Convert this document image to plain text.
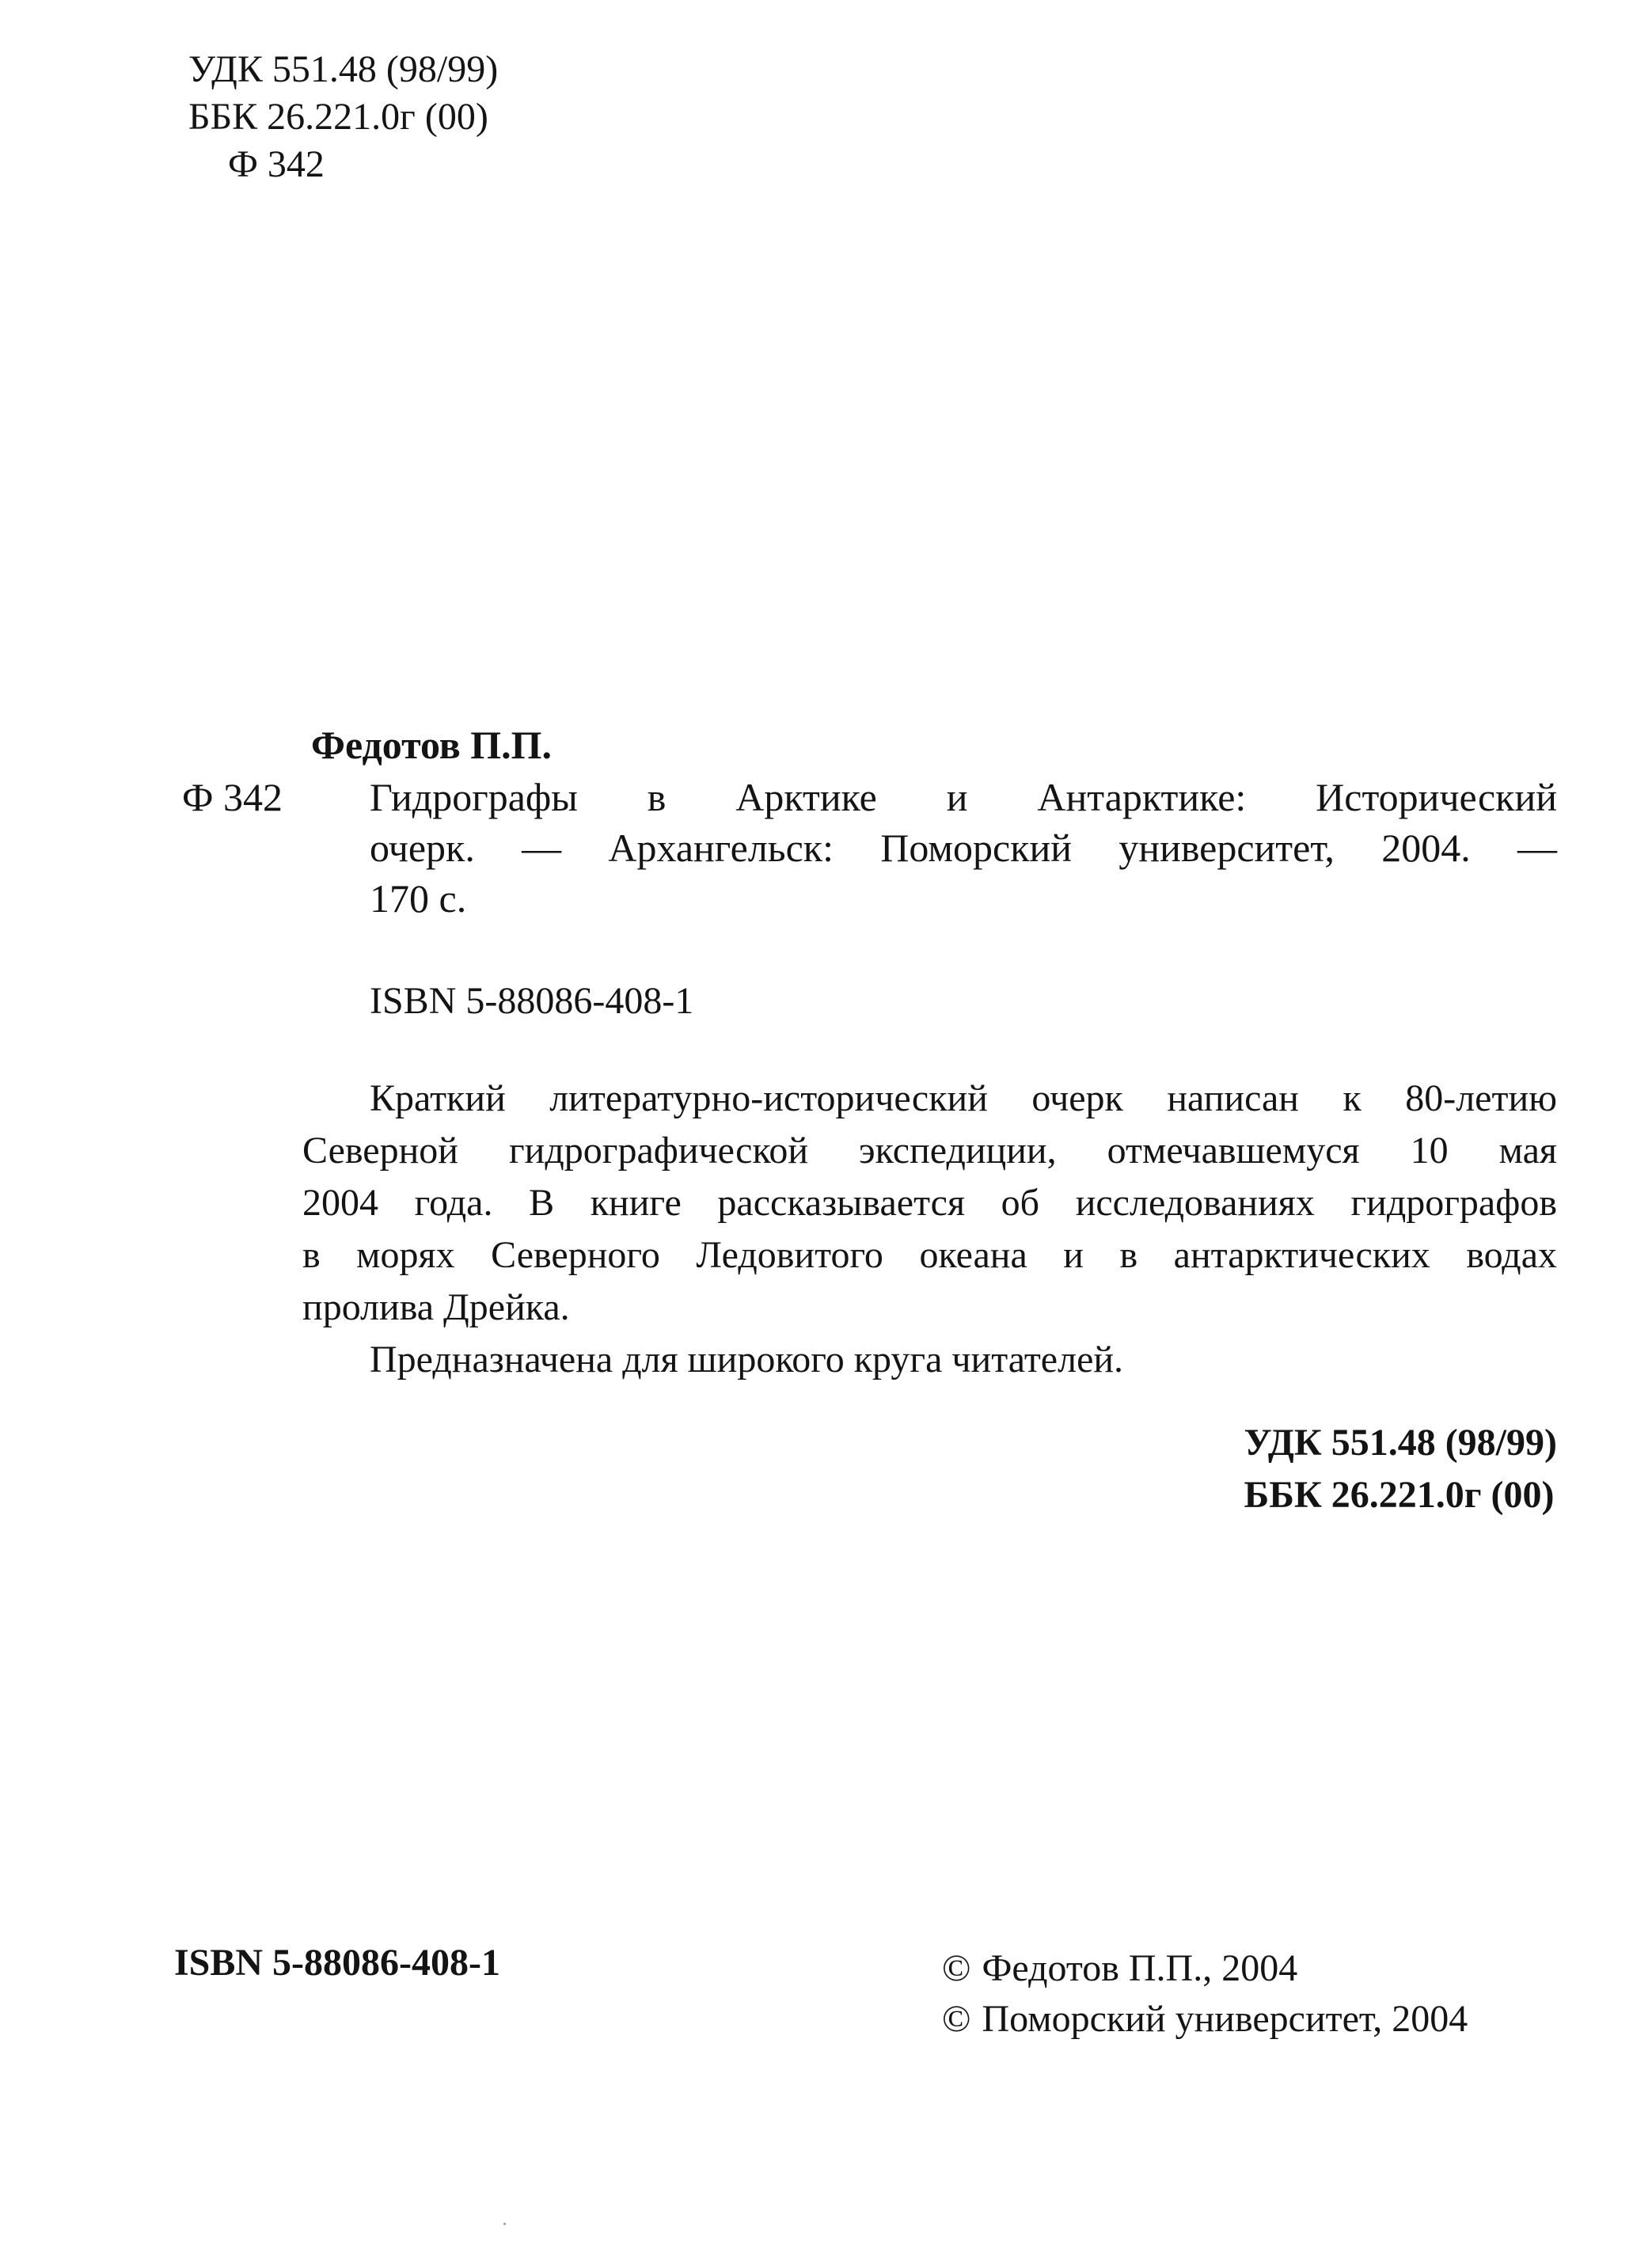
УДК 551.48 (98/99)
ББК 26.221.0г (00)
Ф 342
Федотов П.П.
Ф 342 Гидрографы в Арктике и Антарктике: Исторический
очерк. — Архангельск: Поморский университет, 2004. —
170 с.
ISBN 5-88086-408-1
Краткий литературно-исторический очерк написан к 80-летию
Северной гидрографической экспедиции, отмечавшемуся 10 мая
2004 года. В книге рассказывается об исследованиях гидрографов
в морях Северного Ледовитого океана и в антарктических водах
пролива Дрейка.
Предназначена для широкого круга читателей.
УДК 551.48 (98/99)
ББК 26.221.0г (00)
ISBN 5-88086-408-1	© Федотов П.П., 2004
© Поморский университет, 2004
